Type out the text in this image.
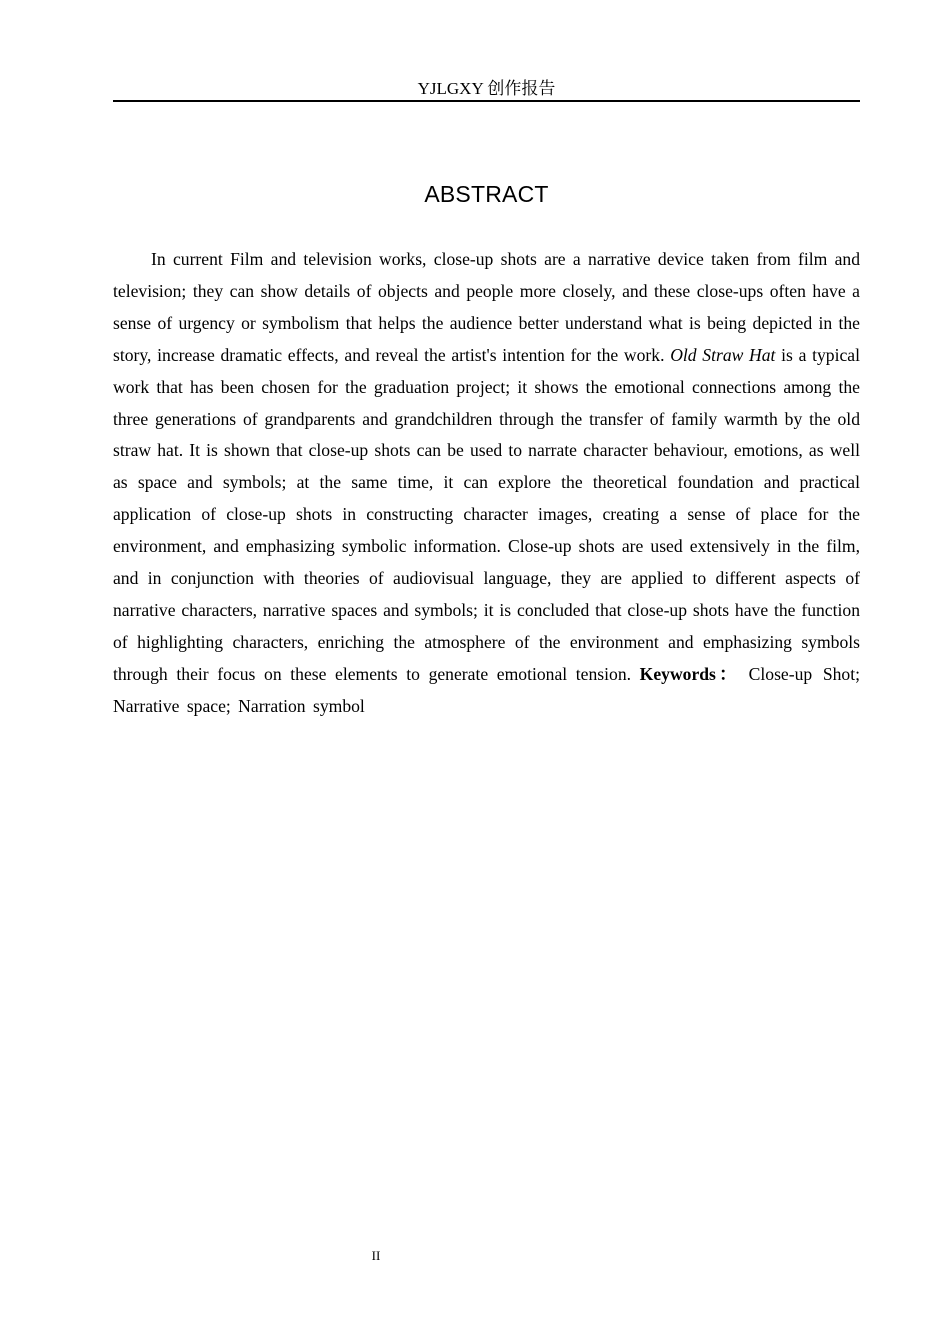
YJLGXY 创作报告
ABSTRACT

In current Film and television works, close-up shots are a narrative device taken from film and television; they can show details of objects and people more closely, and these close-ups often have a sense of urgency or symbolism that helps the audience better understand what is being depicted in the story, increase dramatic effects, and reveal the artist's intention for the work. Old Straw Hat is a typical work that has been chosen for the graduation project; it shows the emotional connections among the three generations of grandparents and grandchildren through the transfer of family warmth by the old straw hat. It is shown that close-up shots can be used to narrate character behaviour, emotions, as well as space and symbols; at the same time, it can explore the theoretical foundation and practical application of close-up shots in constructing character images, creating a sense of place for the environment, and emphasizing symbolic information. Close-up shots are used extensively in the film, and in conjunction with theories of audiovisual language, they are applied to different aspects of narrative characters, narrative spaces and symbols; it is concluded that close-up shots have the function of highlighting characters, enriching the atmosphere of the environment and emphasizing symbols through their focus on these elements to generate emotional tension. Keywords： Close-up Shot; Narrative space; Narration symbol

II
